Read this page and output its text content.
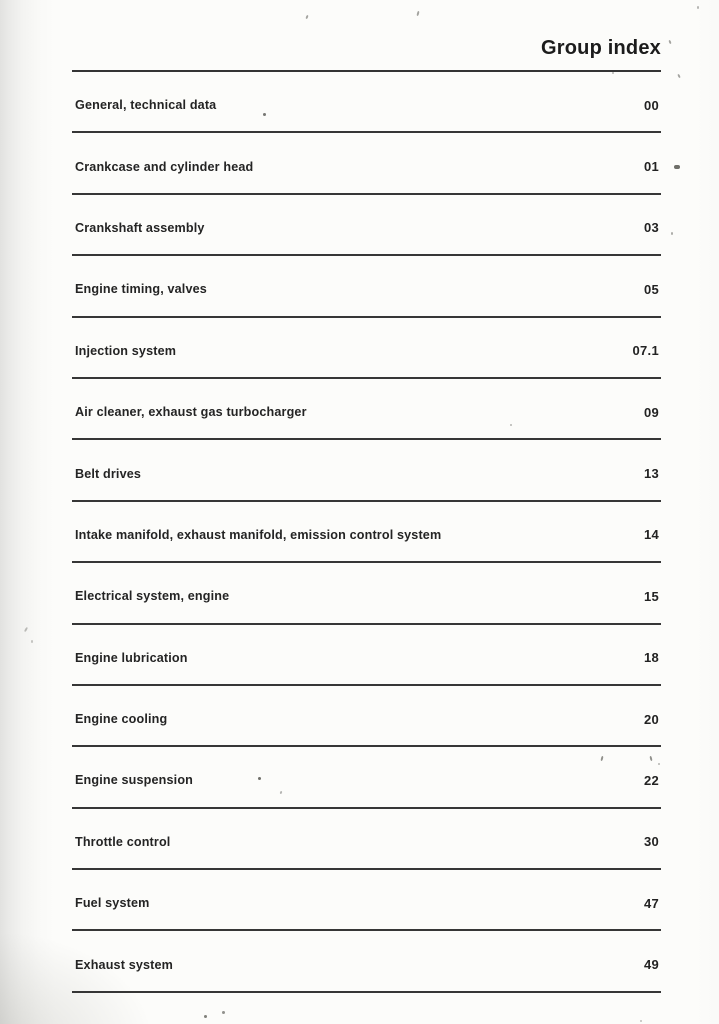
Group index
General, technical data	00
Crankcase and cylinder head	01
Crankshaft assembly	03
Engine timing, valves	05
Injection system	07.1
Air cleaner, exhaust gas turbocharger	09
Belt drives	13
Intake manifold, exhaust manifold, emission control system	14
Electrical system, engine	15
Engine lubrication	18
Engine cooling	20
Engine suspension	22
Throttle control	30
Fuel system	47
Exhaust system	49
